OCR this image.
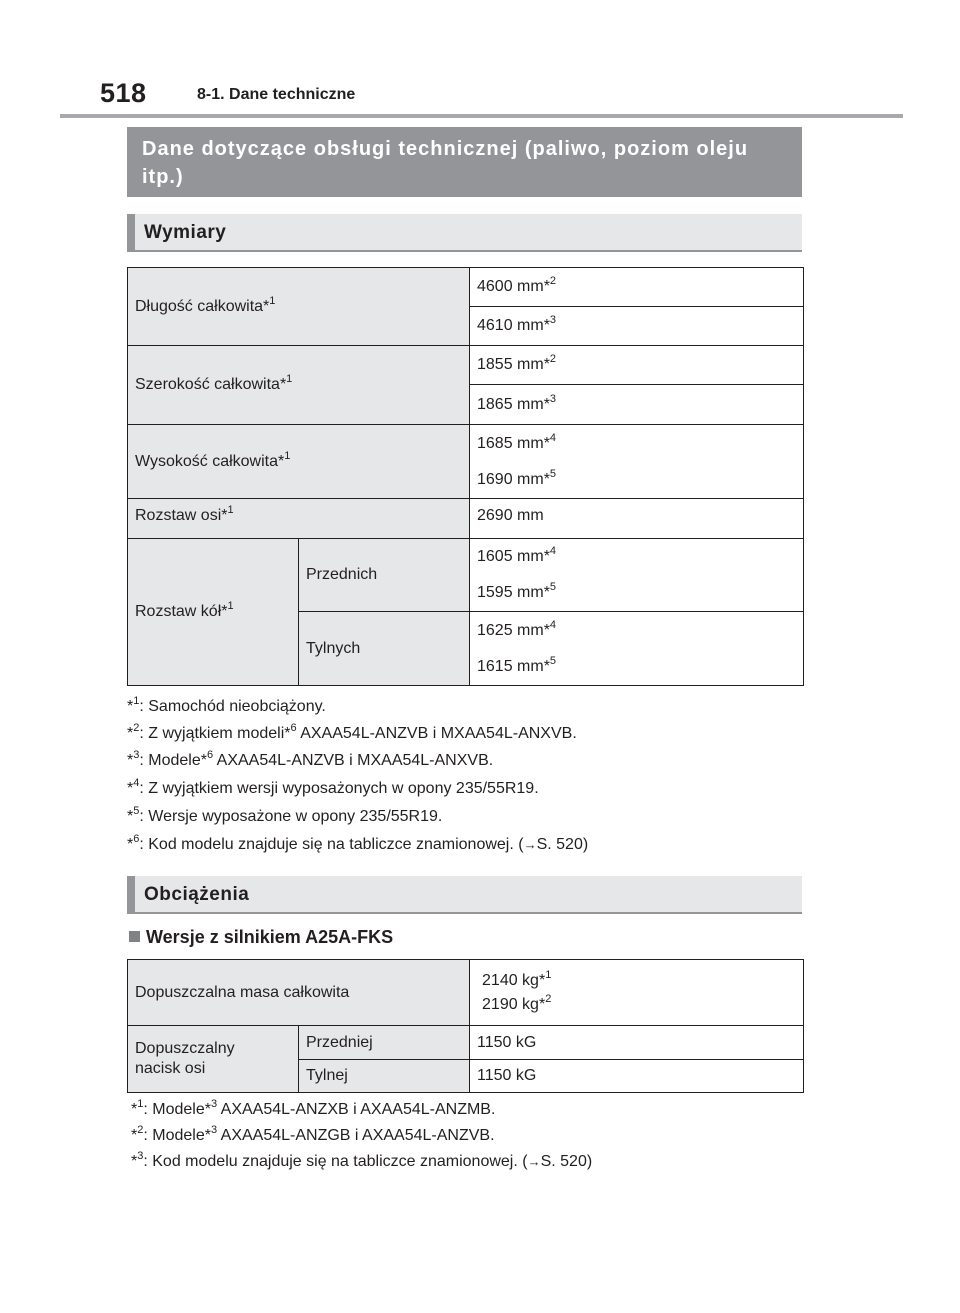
518	8-1. Dane techniczne
Dane dotyczące obsługi technicznej (paliwo, poziom oleju itp.)
Wymiary
Długość całkowita*$^1$		4600 mm*$^2$
		4610 mm*$^3$
Szerokość całkowita*$^1$		1855 mm*$^2$
		1865 mm*$^3$
Wysokość całkowita*$^1$		1685 mm*$^4$
1690 mm*$^5$

Rozstaw osi*$^1$		2690 mm
Rozstaw kół*$^1$	Przednich	1605 mm*$^4$
1595 mm*$^5$

	Tylnych	1625 mm*$^4$
1615 mm*$^5$
*$^1$: Samochód nieobciążony.
*$^2$: Z wyjątkiem modeli*$^6$ AXAA54L-ANZVB i MXAA54L-ANXVB.
*$^3$: Modele*$^6$ AXAA54L-ANZVB i MXAA54L-ANXVB.
*$^4$: Z wyjątkiem wersji wyposażonych w opony 235/55R19.
*$^5$: Wersje wyposażone w opony 235/55R19.
*$^6$: Kod modelu znajduje się na tabliczce znamionowej. (→S. 520)
Obciążenia
Wersje z silnikiem A25A-FKS
Dopuszczalna masa całkowita		2140 kg*$^1$
2190 kg*$^2$

Dopuszczalny
nacisk osi	Przedniej	1150 kG
	Tylnej	1150 kG
*$^1$: Modele*$^3$ AXAA54L-ANZXB i AXAA54L-ANZMB.
*$^2$: Modele*$^3$ AXAA54L-ANZGB i AXAA54L-ANZVB.
*$^3$: Kod modelu znajduje się na tabliczce znamionowej. (→S. 520)
